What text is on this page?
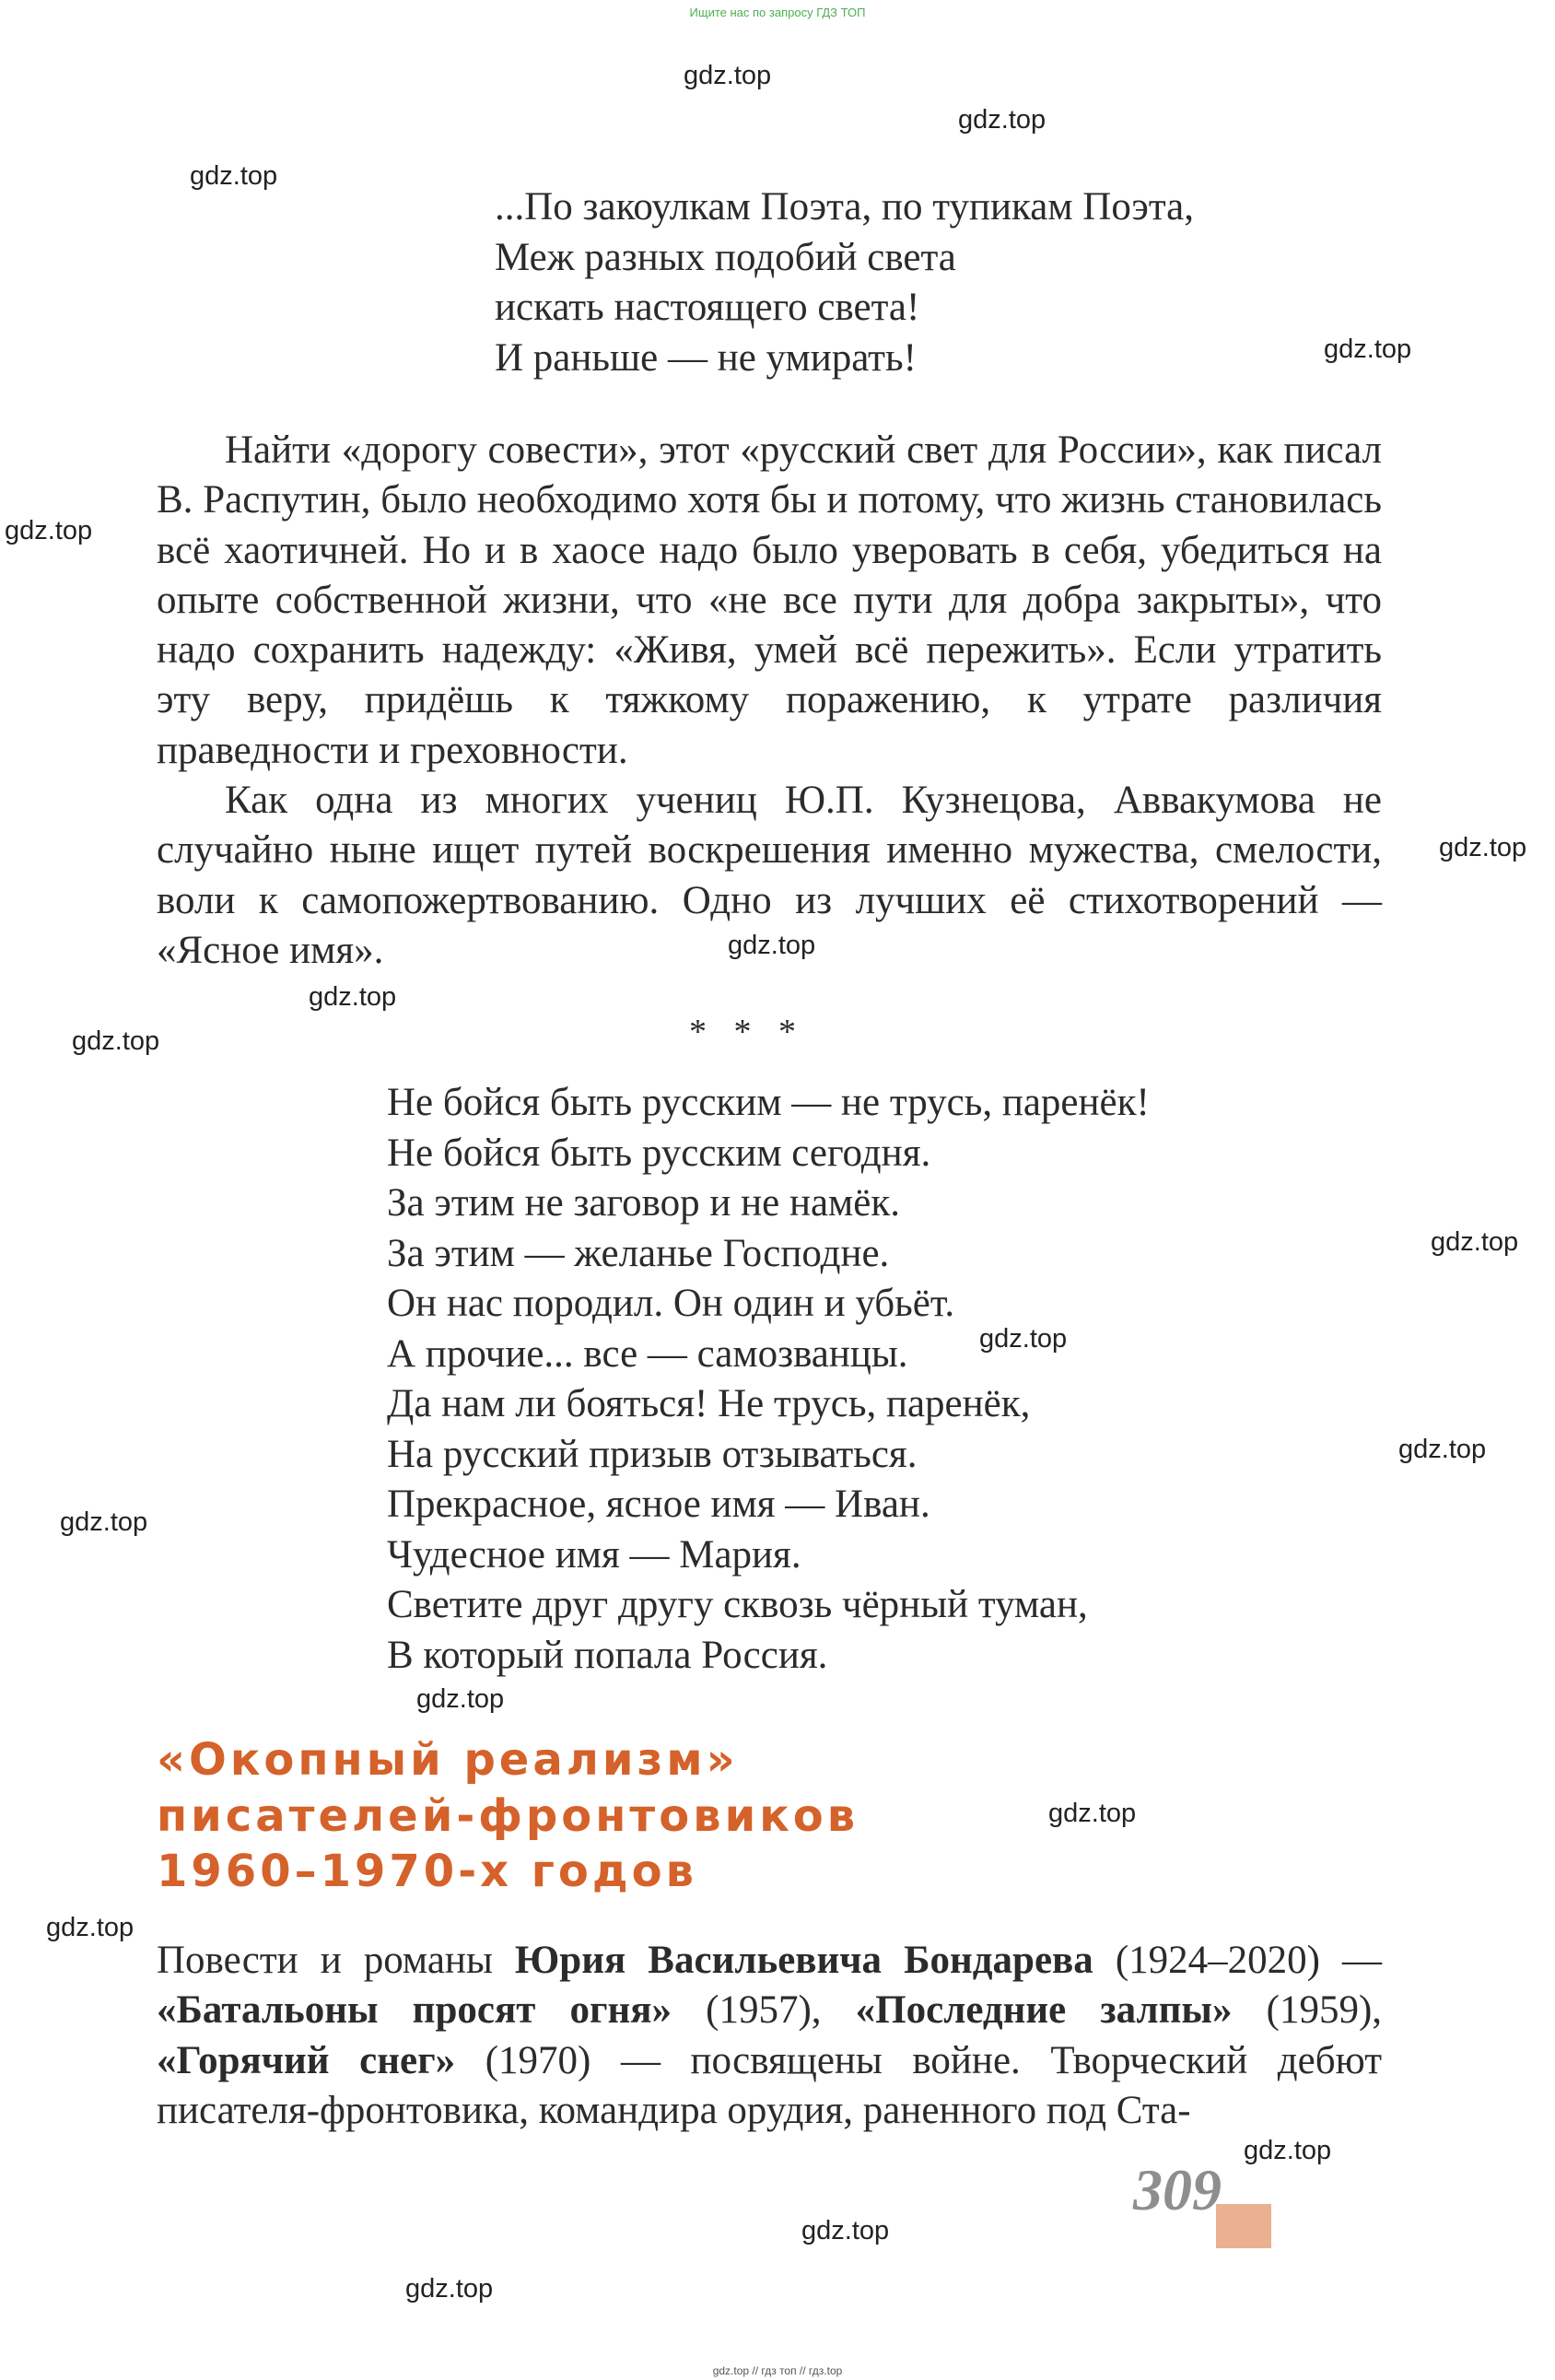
Ищите нас по запросу ГДЗ ТОП
gdz.top
gdz.top
gdz.top
gdz.top
gdz.top
gdz.top
gdz.top
gdz.top
gdz.top
gdz.top
gdz.top
gdz.top
gdz.top
gdz.top
gdz.top
gdz.top
gdz.top
gdz.top
gdz.top
...По закоулкам Поэта, по тупикам Поэта,
Меж разных подобий света
искать настоящего света!
И раньше — не умирать!

Найти «дорогу совести», этот «русский свет для России», как писал В. Распутин, было необходимо хотя бы и потому, что жизнь становилась всё хаотичней. Но и в хаосе надо было уверовать в себя, убедиться на опыте собственной жизни, что «не все пути для добра закрыты», что надо сохранить надежду: «Живя, умей всё пережить». Если утратить эту веру, придёшь к тяжкому поражению, к утрате различия праведности и греховности.

Как одна из многих учениц Ю.П. Кузнецова, Аввакумова не случайно ныне ищет путей воскрешения именно мужества, смелости, воли к самопожертвованию. Одно из лучших её стихотворений — «Ясное имя».

* * *
Не бойся быть русским — не трусь, паренёк!
Не бойся быть русским сегодня.
За этим не заговор и не намёк.
За этим — желанье Господне.
Он нас породил. Он один и убьёт.
А прочие... все — самозванцы.
Да нам ли бояться! Не трусь, паренёк,
На русский призыв отзываться.
Прекрасное, ясное имя — Иван.
Чудесное имя — Мария.
Светите друг другу сквозь чёрный туман,
В который попала Россия.
«Окопный реализм»
писателей-фронтовиков
1960–1970-х годов

Повести и романы Юрия Васильевича Бондарева (1924–2020) — «Батальоны просят огня» (1957), «Последние залпы» (1959), «Горячий снег» (1970) — посвящены войне. Творческий дебют писателя-фронтовика, командира орудия, раненного под Ста-

309
gdz.top // гдз топ // гдз.top
